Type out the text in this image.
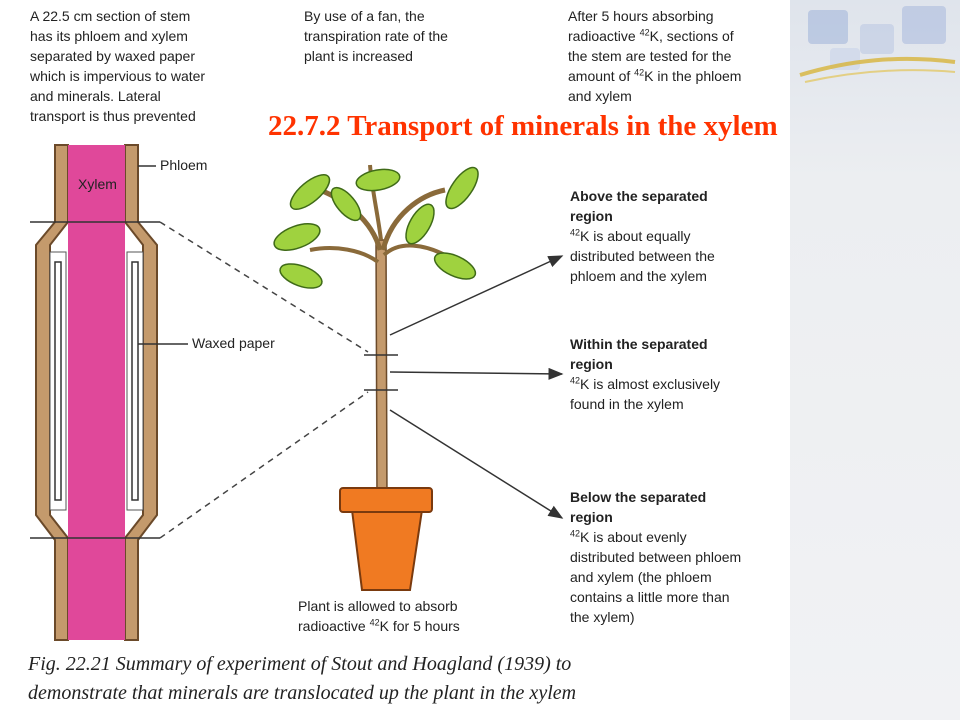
A 22.5 cm section of stem
has its phloem and xylem
separated by waxed paper
which is impervious to water
and minerals. Lateral
transport is thus prevented
By use of a fan, the
transpiration rate of the
plant is increased
After 5 hours absorbing
radioactive $^{42}$K, sections of
the stem are tested for the
amount of $^{42}$K in the phloem
and xylem
22.7.2 Transport of minerals in the xylem
Xylem
Phloem
Waxed paper
Above the separated
region
$^{42}$K is about equally
distributed between the
phloem and the xylem
Within the separated
region
$^{42}$K is almost exclusively
found in the xylem
Below the separated
region
$^{42}$K is about evenly
distributed between phloem
and xylem (the phloem
contains a little more than
the xylem)
Plant is allowed to absorb
radioactive $^{42}$K for 5 hours
Fig. 22.21 Summary of experiment of Stout and Hoagland (1939) to
demonstrate that minerals are translocated up the plant in the xylem
